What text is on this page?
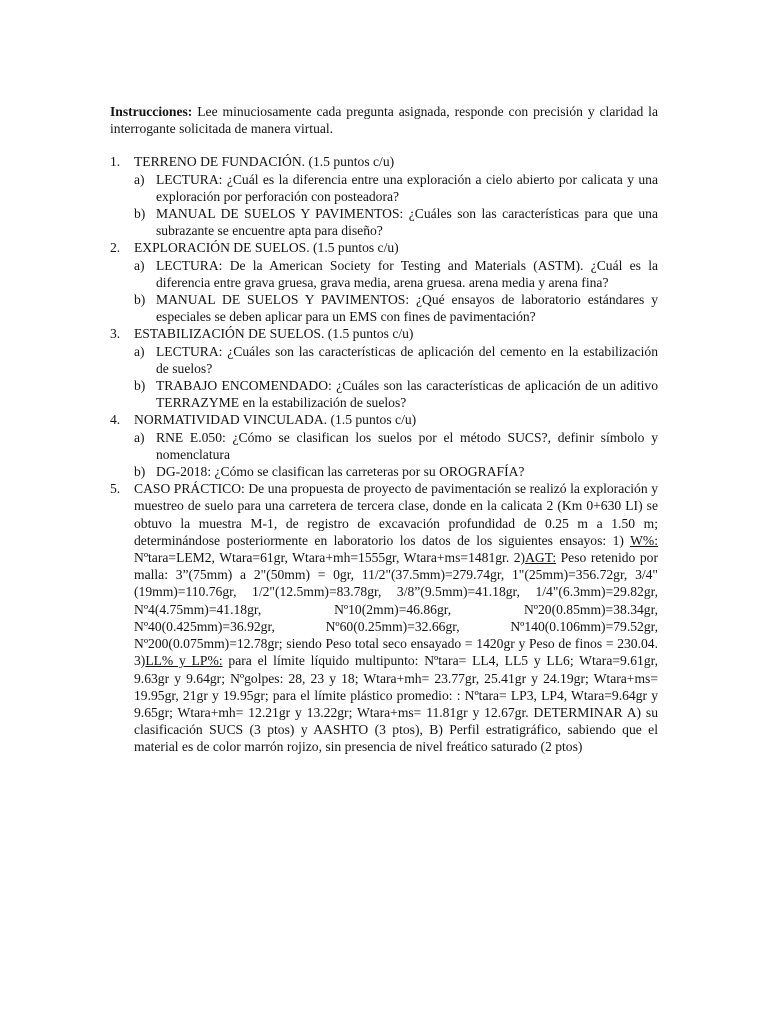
Instrucciones: Lee minuciosamente cada pregunta asignada, responde con precisión y claridad la interrogante solicitada de manera virtual.

1. TERRENO DE FUNDACIÓN. (1.5 puntos c/u)
a) LECTURA: ¿Cuál es la diferencia entre una exploración a cielo abierto por calicata y una exploración por perforación con posteadora?
b) MANUAL DE SUELOS Y PAVIMENTOS: ¿Cuáles son las características para que una subrazante se encuentre apta para diseño?
2. EXPLORACIÓN DE SUELOS. (1.5 puntos c/u)
a) LECTURA: De la American Society for Testing and Materials (ASTM). ¿Cuál es la diferencia entre grava gruesa, grava media, arena gruesa. arena media y arena fina?
b) MANUAL DE SUELOS Y PAVIMENTOS: ¿Qué ensayos de laboratorio estándares y especiales se deben aplicar para un EMS con fines de pavimentación?
3. ESTABILIZACIÓN DE SUELOS. (1.5 puntos c/u)
a) LECTURA: ¿Cuáles son las características de aplicación del cemento en la estabilización de suelos?
b) TRABAJO ENCOMENDADO: ¿Cuáles son las características de aplicación de un aditivo TERRAZYME en la estabilización de suelos?
4. NORMATIVIDAD VINCULADA. (1.5 puntos c/u)
a) RNE E.050: ¿Cómo se clasifican los suelos por el método SUCS?, definir símbolo y nomenclatura
b) DG-2018: ¿Cómo se clasifican las carreteras por su OROGRAFÍA?
5. CASO PRÁCTICO: De una propuesta de proyecto de pavimentación se realizó la exploración y muestreo de suelo para una carretera de tercera clase, donde en la calicata 2 (Km 0+630 LI) se obtuvo la muestra M-1, de registro de excavación profundidad de 0.25 m a 1.50 m; determinándose posteriormente en laboratorio los datos de los siguientes ensayos: 1) W%: Nºtara=LEM2, Wtara=61gr, Wtara+mh=1555gr, Wtara+ms=1481gr. 2)AGT: Peso retenido por malla: 3”(75mm) a 2"(50mm) = 0gr, 11/2"(37.5mm)=279.74gr, 1"(25mm)=356.72gr, 3/4"(19mm)=110.76gr, 1/2"(12.5mm)=83.78gr, 3/8”(9.5mm)=41.18gr, 1/4"(6.3mm)=29.82gr, Nº4(4.75mm)=41.18gr, Nº10(2mm)=46.86gr, Nº20(0.85mm)=38.34gr, Nº40(0.425mm)=36.92gr, Nº60(0.25mm)=32.66gr, Nº140(0.106mm)=79.52gr, Nº200(0.075mm)=12.78gr; siendo Peso total seco ensayado = 1420gr y Peso de finos = 230.04. 3)LL% y LP%: para el límite líquido multipunto: Nºtara= LL4, LL5 y LL6; Wtara=9.61gr, 9.63gr y 9.64gr; Nºgolpes: 28, 23 y 18; Wtara+mh= 23.77gr, 25.41gr y 24.19gr; Wtara+ms= 19.95gr, 21gr y 19.95gr; para el límite plástico promedio: : Nºtara= LP3, LP4, Wtara=9.64gr y 9.65gr; Wtara+mh= 12.21gr y 13.22gr; Wtara+ms= 11.81gr y 12.67gr. DETERMINAR A) su clasificación SUCS (3 ptos) y AASHTO (3 ptos), B) Perfil estratigráfico, sabiendo que el material es de color marrón rojizo, sin presencia de nivel freático saturado (2 ptos)
